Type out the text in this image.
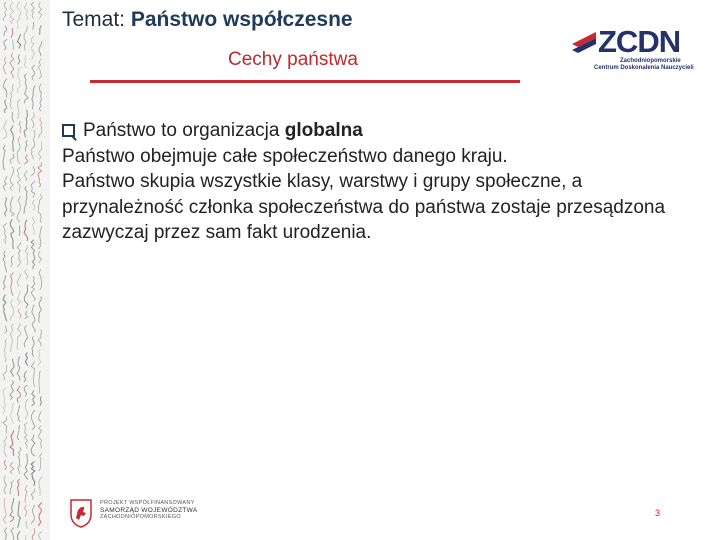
Temat: Państwo współczesne
Cechy państwa
ZCDN
Zachodniopomorskie
Centrum Doskonalenia Nauczycieli

Państwo to organizacja globalna

Państwo obejmuje całe społeczeństwo danego kraju.

Państwo skupia wszystkie klasy, warstwy i grupy społeczne, a przynależność członka społeczeństwa do państwa zostaje przesądzona zazwyczaj przez sam fakt urodzenia.

PROJEKT WSPÓŁFINANSOWANY
SAMORZĄD WOJEWÓDZTWA
ZACHODNIOPOMORSKIEGO	3
